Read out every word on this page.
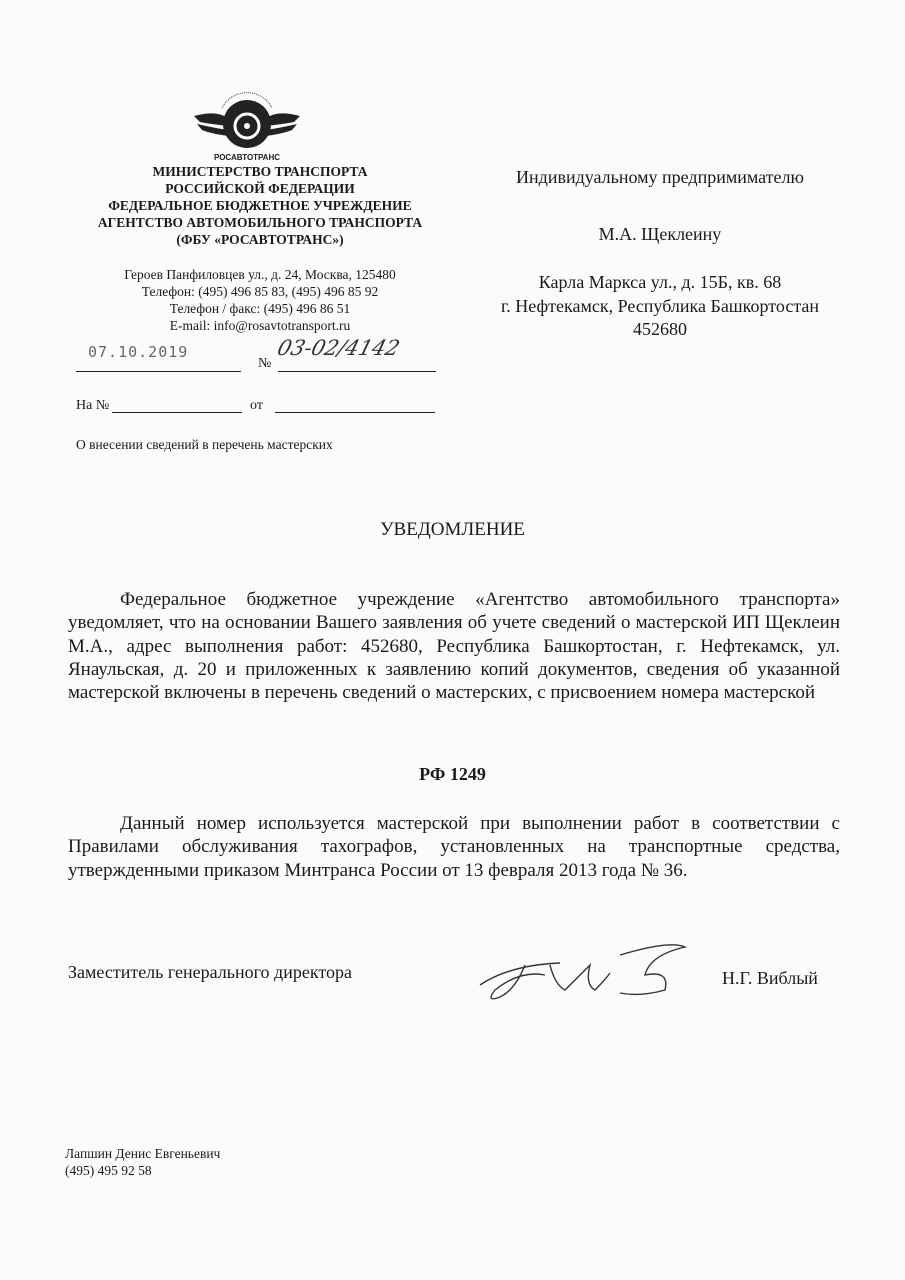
РОСАВТОТРАНС
МИНИСТЕРСТВО ТРАНСПОРТА
РОССИЙСКОЙ ФЕДЕРАЦИИ
ФЕДЕРАЛЬНОЕ БЮДЖЕТНОЕ УЧРЕЖДЕНИЕ
АГЕНТСТВО АВТОМОБИЛЬНОГО ТРАНСПОРТА
(ФБУ «РОСАВТОТРАНС»)
Героев Панфиловцев ул., д. 24, Москва, 125480
Телефон: (495) 496 85 83, (495) 496 85 92
Телефон / факс: (495) 496 86 51
E-mail: info@rosavtotransport.ru
07.10.2019
№
03-02/4142
На №	от
О внесении сведений в перечень мастерских
Индивидуальному предпримимателю
М.А. Щеклеину
Карла Маркса ул., д. 15Б, кв. 68
г. Нефтекамск, Республика Башкортостан
452680
УВЕДОМЛЕНИЕ
Федеральное бюджетное учреждение «Агентство автомобильного транспорта» уведомляет, что на основании Вашего заявления об учете сведений о мастерской ИП Щеклеин М.А., адрес выполнения работ: 452680, Республика Башкортостан, г. Нефтекамск, ул. Янаульская, д. 20 и приложенных к заявлению копий документов, сведения об указанной мастерской включены в перечень сведений о мастерских, с присвоением номера мастерской
РФ 1249
Данный номер используется мастерской при выполнении работ в соответствии с Правилами обслуживания тахографов, установленных на транспортные средства, утвержденными приказом Минтранса России от 13 февраля 2013 года № 36.
Заместитель генерального директора	Н.Г. Виблый
Лапшин Денис Евгеньевич
(495) 495 92 58
